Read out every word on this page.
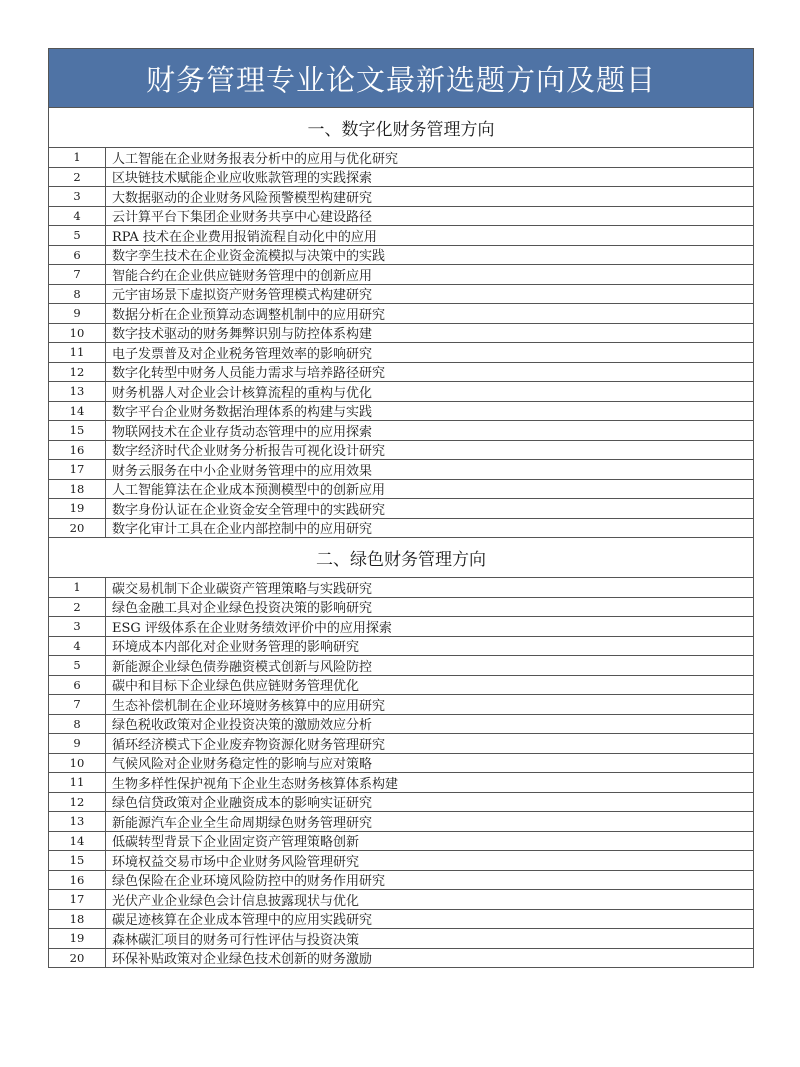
财务管理专业论文最新选题方向及题目
一、数字化财务管理方向
1	人工智能在企业财务报表分析中的应用与优化研究
2	区块链技术赋能企业应收账款管理的实践探索
3	大数据驱动的企业财务风险预警模型构建研究
4	云计算平台下集团企业财务共享中心建设路径
5	RPA 技术在企业费用报销流程自动化中的应用
6	数字孪生技术在企业资金流模拟与决策中的实践
7	智能合约在企业供应链财务管理中的创新应用
8	元宇宙场景下虚拟资产财务管理模式构建研究
9	数据分析在企业预算动态调整机制中的应用研究
10	数字技术驱动的财务舞弊识别与防控体系构建
11	电子发票普及对企业税务管理效率的影响研究
12	数字化转型中财务人员能力需求与培养路径研究
13	财务机器人对企业会计核算流程的重构与优化
14	数字平台企业财务数据治理体系的构建与实践
15	物联网技术在企业存货动态管理中的应用探索
16	数字经济时代企业财务分析报告可视化设计研究
17	财务云服务在中小企业财务管理中的应用效果
18	人工智能算法在企业成本预测模型中的创新应用
19	数字身份认证在企业资金安全管理中的实践研究
20	数字化审计工具在企业内部控制中的应用研究
二、绿色财务管理方向
1	碳交易机制下企业碳资产管理策略与实践研究
2	绿色金融工具对企业绿色投资决策的影响研究
3	ESG 评级体系在企业财务绩效评价中的应用探索
4	环境成本内部化对企业财务管理的影响研究
5	新能源企业绿色债券融资模式创新与风险防控
6	碳中和目标下企业绿色供应链财务管理优化
7	生态补偿机制在企业环境财务核算中的应用研究
8	绿色税收政策对企业投资决策的激励效应分析
9	循环经济模式下企业废弃物资源化财务管理研究
10	气候风险对企业财务稳定性的影响与应对策略
11	生物多样性保护视角下企业生态财务核算体系构建
12	绿色信贷政策对企业融资成本的影响实证研究
13	新能源汽车企业全生命周期绿色财务管理研究
14	低碳转型背景下企业固定资产管理策略创新
15	环境权益交易市场中企业财务风险管理研究
16	绿色保险在企业环境风险防控中的财务作用研究
17	光伏产业企业绿色会计信息披露现状与优化
18	碳足迹核算在企业成本管理中的应用实践研究
19	森林碳汇项目的财务可行性评估与投资决策
20	环保补贴政策对企业绿色技术创新的财务激励
